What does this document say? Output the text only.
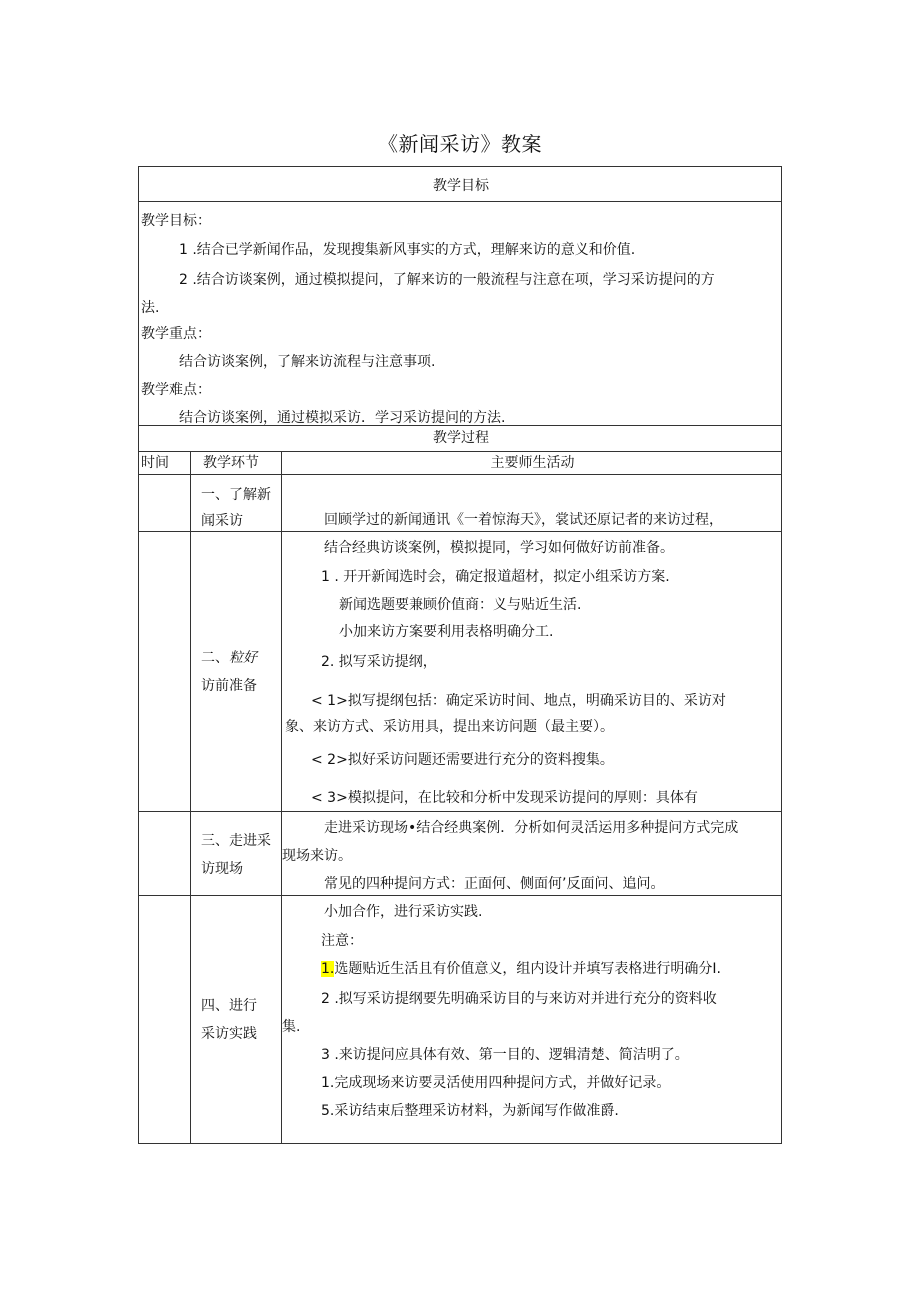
《新闻采访》教案
教学目标
教学目标：
1 .结合已学新闻作品，发现搜集新风事实的方式，理解来访的意义和价值.
2 .结合访谈案例，通过模拟提问，了解来访的一般流程与注意在项，学习采访提问的方
法.
教学重点：
结合访谈案例，了解来访流程与注意事项.
教学难点：
结合访谈案例，通过模拟采访．学习采访提问的方法.
教学过程
时间 教学环节	主要师生活动
一、了解新
闻采访	回顾学过的新闻通讯《一着惊海天》，裳试还原记者的来访过程，
二、粒好
访前准备
结合经典访谈案例，模拟提同，学习如何做好访前准备。
1 . 开开新闻选时会，确定报道超材，拟定小组采访方案.
新闻选题要兼顾价值商：义与贴近生活.
小加来访方案要利用表格明确分工.
2. 拟写采访提纲，
< 1>拟写提纲包括：确定采访时间、地点，明确采访目的、采访对
象、来访方式、采访用具，提出来访问题（最主要）。
< 2>拟好采访问题还需要进行充分的资料搜集。
< 3>模拟提问，在比较和分析中发现采访提问的厚则：具体有
三、走进采
访现场
走进采访现场•结合经典案例．分析如何灵活运用多种提问方式完成
现场来访。
常见的四种提问方式：正面何、侧面何’反面问、追问。
四、进行
采访实践
小加合作，进行采访实践.
注意：
1.选题贴近生活且有价值意义，组内设计并填写表格进行明确分I.
2 .拟写采访提纲要先明确采访目的与来访对并进行充分的资料收
集.
3 .来访提问应具体有效、第一目的、逻辑清楚、简洁明了。
1.完成现场来访要灵活使用四种提问方式，并做好记录。
5.采访结束后整理采访材料，为新闻写作做准爵.
